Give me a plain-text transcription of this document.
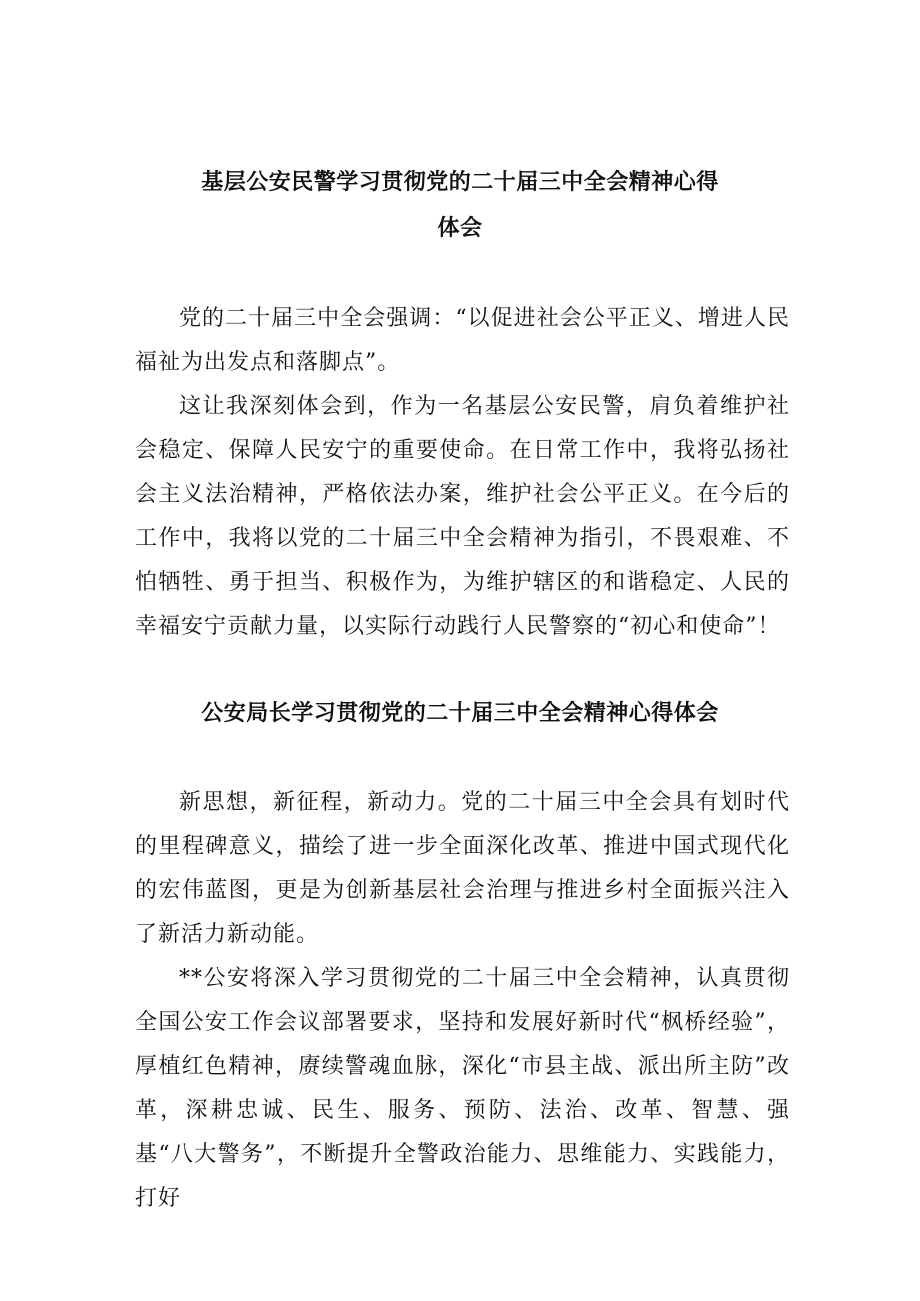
基层公安民警学习贯彻党的二十届三中全会精神心得
体会

党的二十届三中全会强调：“以促进社会公平正义、增进人民福祉为出发点和落脚点”。

这让我深刻体会到，作为一名基层公安民警，肩负着维护社会稳定、保障人民安宁的重要使命。在日常工作中，我将弘扬社会主义法治精神，严格依法办案，维护社会公平正义。在今后的工作中，我将以党的二十届三中全会精神为指引，不畏艰难、不怕牺牲、勇于担当、积极作为，为维护辖区的和谐稳定、人民的幸福安宁贡献力量，以实际行动践行人民警察的“初心和使命”！

公安局长学习贯彻党的二十届三中全会精神心得体会

新思想，新征程，新动力。党的二十届三中全会具有划时代的里程碑意义，描绘了进一步全面深化改革、推进中国式现代化的宏伟蓝图，更是为创新基层社会治理与推进乡村全面振兴注入了新活力新动能。

**公安将深入学习贯彻党的二十届三中全会精神，认真贯彻全国公安工作会议部署要求，坚持和发展好新时代“枫桥经验”，厚植红色精神，赓续警魂血脉，深化“市县主战、派出所主防”改革，深耕忠诚、民生、服务、预防、法治、改革、智慧、强基“八大警务”，不断提升全警政治能力、思维能力、实践能力，打好
